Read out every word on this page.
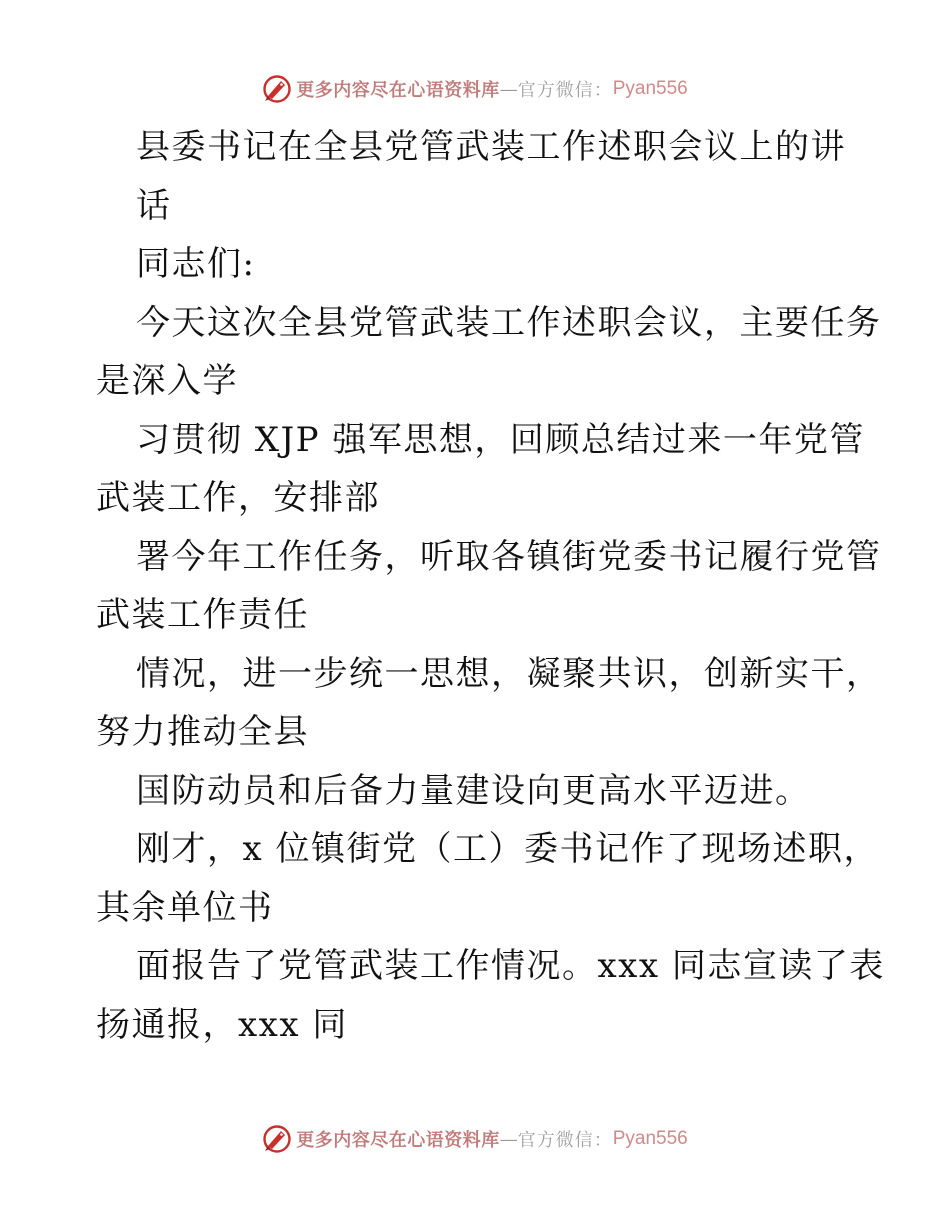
更多内容尽在心语资料库 — 官方微信： Pyan556
县委书记在全县党管武装工作述职会议上的讲
话
同志们:
今天这次全县党管武装工作述职会议，主要任务
是深入学
习贯彻 XJP 强军思想，回顾总结过来一年党管
武装工作，安排部
署今年工作任务，听取各镇街党委书记履行党管
武装工作责任
情况，进一步统一思想，凝聚共识，创新实干，
努力推动全县
国防动员和后备力量建设向更高水平迈进。
刚才，x 位镇街党（工）委书记作了现场述职，
其余单位书
面报告了党管武装工作情况。xxx 同志宣读了表
扬通报，xxx 同
更多内容尽在心语资料库 — 官方微信： Pyan556
